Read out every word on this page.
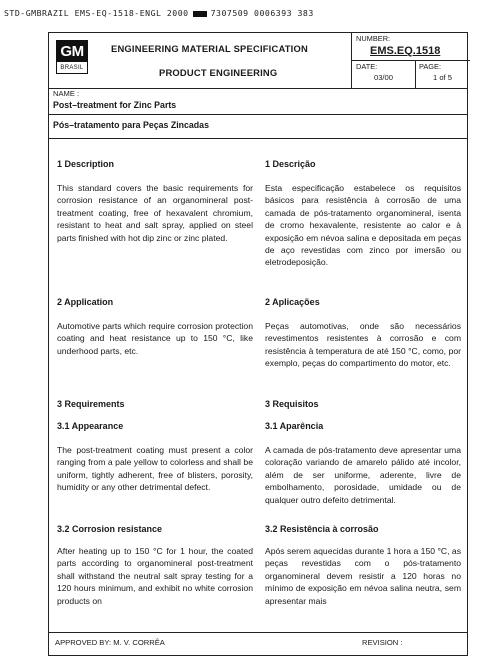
STD-GMBRAZIL EMS-EQ-1518-ENGL 2000	7307509 0006393 383
GM
BRASIL
ENGINEERING MATERIAL SPECIFICATION
PRODUCT ENGINEERING
NUMBER:
EMS.EQ.1518
DATE:
03/00
PAGE:
1 of 5
NAME :
Post–treatment for Zinc Parts
Pós–tratamento para Peças Zincadas
1 Description

This standard covers the basic requirements for corrosion resistance of an organomineral post-treatment coating, free of hexavalent chromium, resistant to heat and salt spray, applied on steel parts finished with hot dip zinc or zinc plated.

2 Application

Automotive parts which require corrosion protection coating and heat resistance up to 150 °C, like underhood parts, etc.

3 Requirements
3.1 Appearance

The post-treatment coating must present a color ranging from a pale yellow to colorless and shall be uniform, tightly adherent, free of blisters, porosity, humidity or any other detrimental defect.

3.2 Corrosion resistance

After heating up to 150 °C for 1 hour, the coated parts according to organomineral post-treatment shall withstand the neutral salt spray testing for a 120 hours minimum, and exhibit no white corrosion products on

1 Descrição

Esta especificação estabelece os requisitos básicos para resistência à corrosão de uma camada de pós-tratamento organomineral, isenta de cromo hexavalente, resistente ao calor e à exposição em névoa salina e depositada em peças de aço revestidas com zinco por imersão ou eletrodeposição.

2 Aplicações

Peças automotivas, onde são necessários revestimentos resistentes à corrosão e com resistência à temperatura de até 150 °C, como, por exemplo, peças do compartimento do motor, etc.

3 Requisitos
3.1 Aparência

A camada de pós-tratamento deve apresentar uma coloração variando de amarelo pálido até incolor, além de ser uniforme, aderente, livre de embolhamento, porosidade, umidade ou de qualquer outro defeito detrimental.

3.2 Resistência à corrosão

Após serem aquecidas durante 1 hora a 150 °C, as peças revestidas com o pós-tratamento organomineral devem resistir a 120 horas no mínimo de exposição em névoa salina neutra, sem apresentar mais

APPROVED BY: M. V. CORRÊA	REVISION :
